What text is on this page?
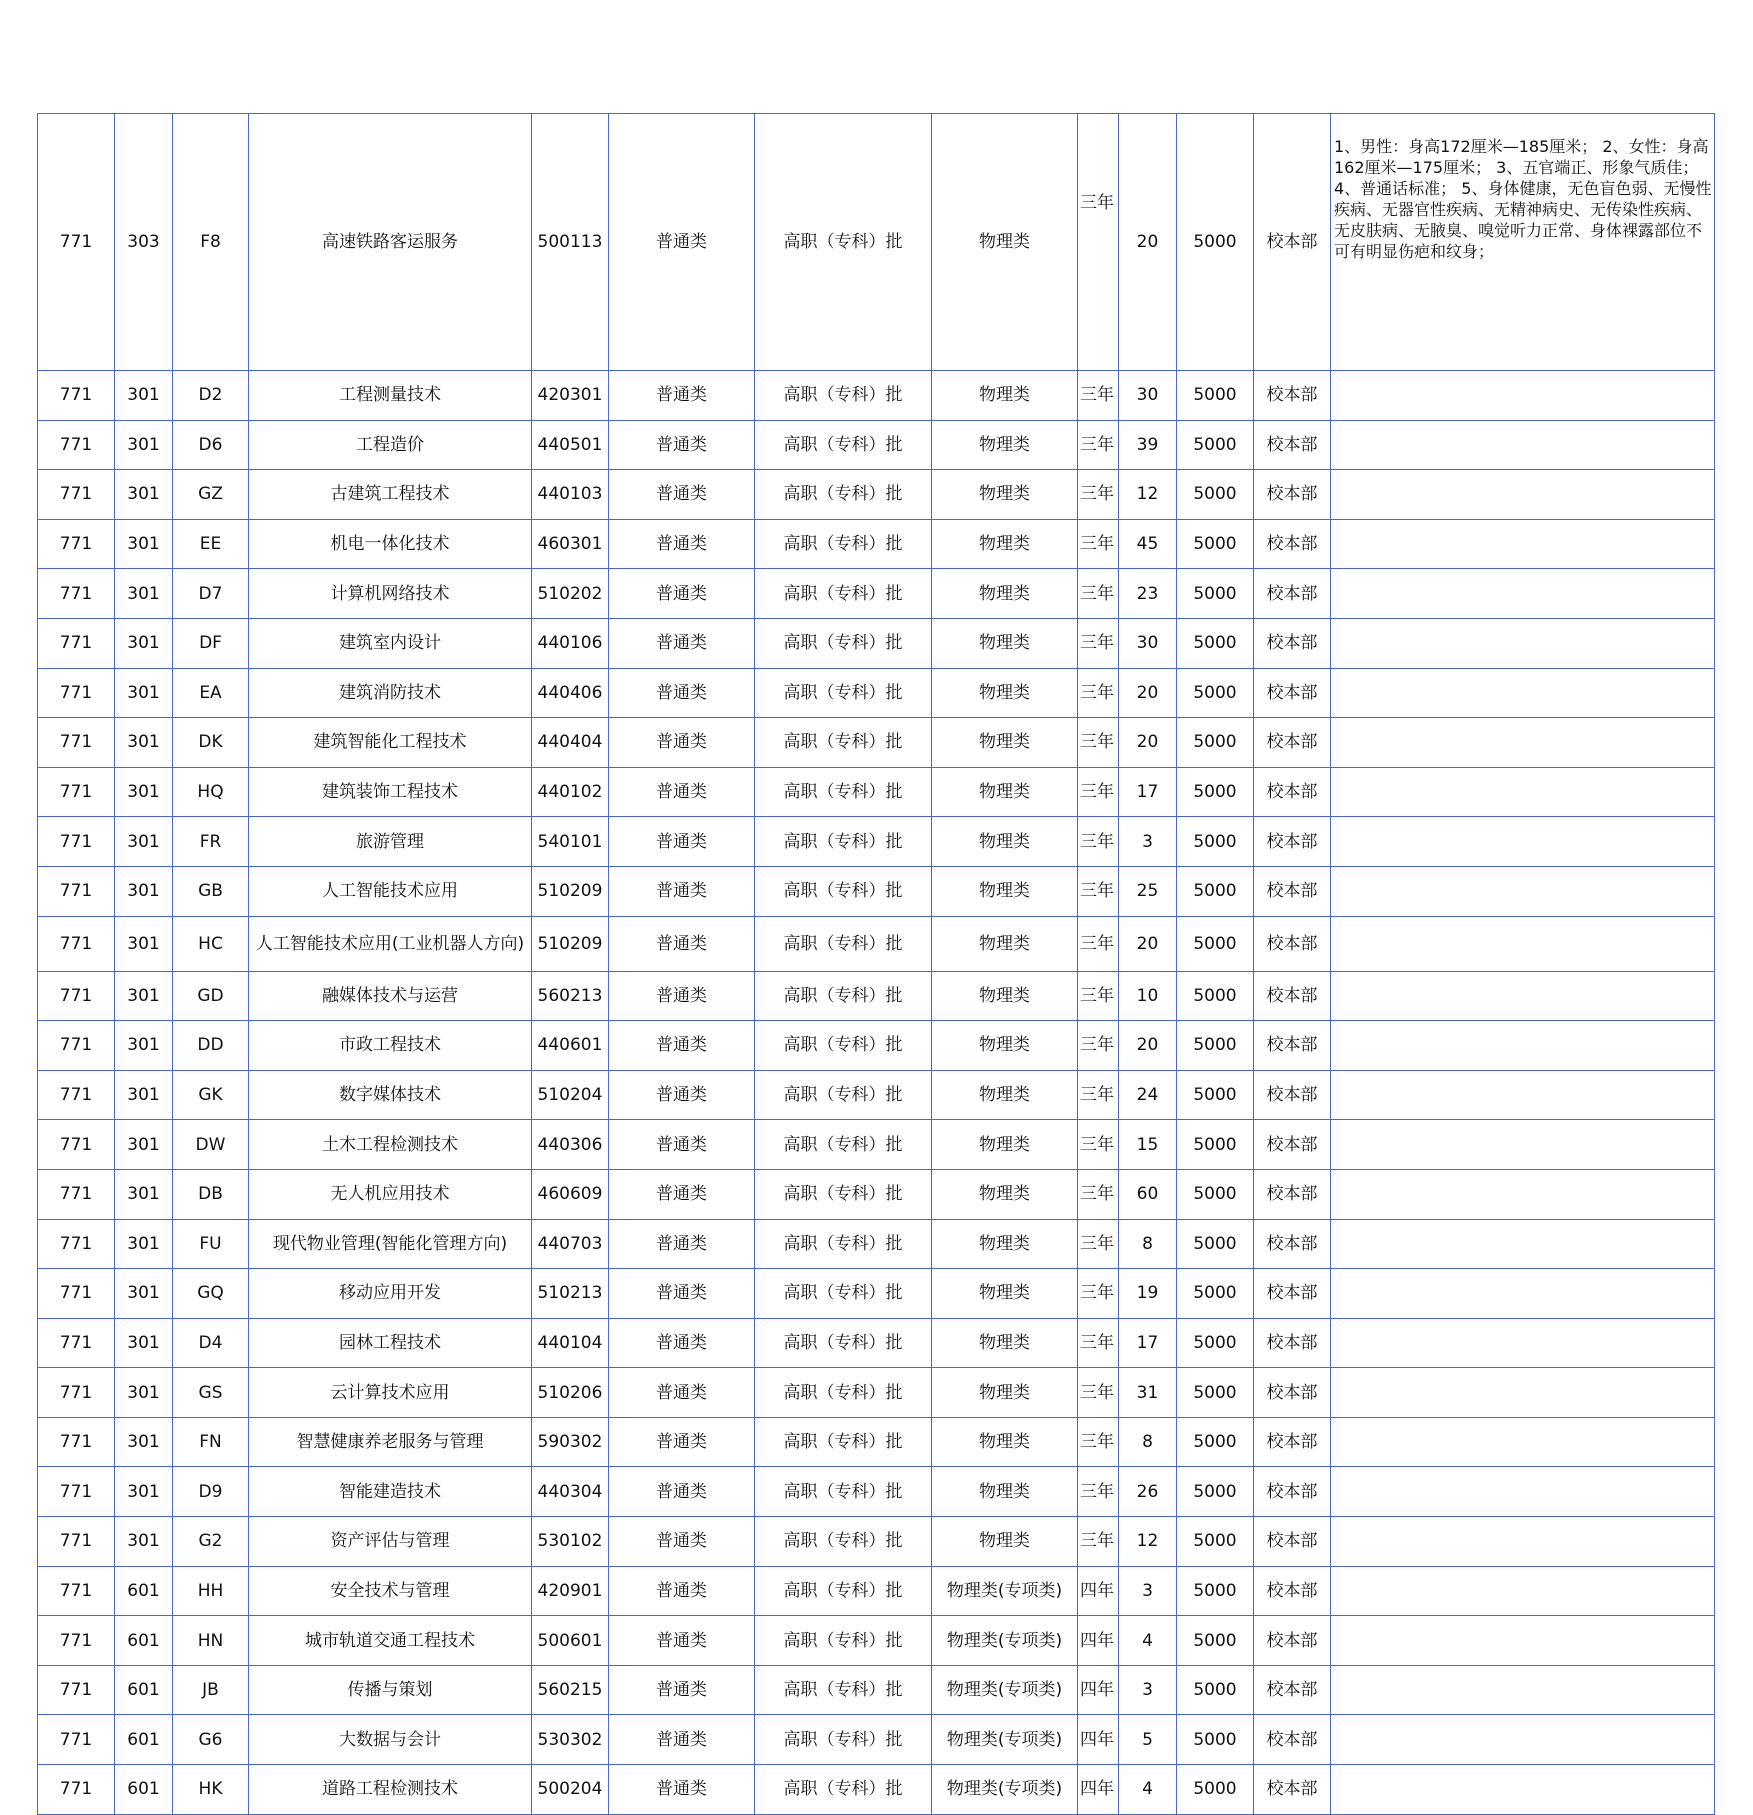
771	303	F8	高速铁路客运服务	500113	普通类	高职（专科）批	物理类	三年	20	5000	校本部	1、男性：身高172厘米—185厘米； 2、女性：身高162厘米—175厘米； 3、五官端正、形象气质佳； 4、普通话标准； 5、身体健康，无色盲色弱、无慢性疾病、无器官性疾病、无精神病史、无传染性疾病、无皮肤病、无腋臭、嗅觉听力正常、身体裸露部位不可有明显伤疤和纹身；
771	301	D2	工程测量技术	420301	普通类	高职（专科）批	物理类	三年	30	5000	校本部	
771	301	D6	工程造价	440501	普通类	高职（专科）批	物理类	三年	39	5000	校本部	
771	301	GZ	古建筑工程技术	440103	普通类	高职（专科）批	物理类	三年	12	5000	校本部	
771	301	EE	机电一体化技术	460301	普通类	高职（专科）批	物理类	三年	45	5000	校本部	
771	301	D7	计算机网络技术	510202	普通类	高职（专科）批	物理类	三年	23	5000	校本部	
771	301	DF	建筑室内设计	440106	普通类	高职（专科）批	物理类	三年	30	5000	校本部	
771	301	EA	建筑消防技术	440406	普通类	高职（专科）批	物理类	三年	20	5000	校本部	
771	301	DK	建筑智能化工程技术	440404	普通类	高职（专科）批	物理类	三年	20	5000	校本部	
771	301	HQ	建筑装饰工程技术	440102	普通类	高职（专科）批	物理类	三年	17	5000	校本部	
771	301	FR	旅游管理	540101	普通类	高职（专科）批	物理类	三年	3	5000	校本部	
771	301	GB	人工智能技术应用	510209	普通类	高职（专科）批	物理类	三年	25	5000	校本部	
771	301	HC	人工智能技术应用(工业机器人方向)	510209	普通类	高职（专科）批	物理类	三年	20	5000	校本部	
771	301	GD	融媒体技术与运营	560213	普通类	高职（专科）批	物理类	三年	10	5000	校本部	
771	301	DD	市政工程技术	440601	普通类	高职（专科）批	物理类	三年	20	5000	校本部	
771	301	GK	数字媒体技术	510204	普通类	高职（专科）批	物理类	三年	24	5000	校本部	
771	301	DW	土木工程检测技术	440306	普通类	高职（专科）批	物理类	三年	15	5000	校本部	
771	301	DB	无人机应用技术	460609	普通类	高职（专科）批	物理类	三年	60	5000	校本部	
771	301	FU	现代物业管理(智能化管理方向)	440703	普通类	高职（专科）批	物理类	三年	8	5000	校本部	
771	301	GQ	移动应用开发	510213	普通类	高职（专科）批	物理类	三年	19	5000	校本部	
771	301	D4	园林工程技术	440104	普通类	高职（专科）批	物理类	三年	17	5000	校本部	
771	301	GS	云计算技术应用	510206	普通类	高职（专科）批	物理类	三年	31	5000	校本部	
771	301	FN	智慧健康养老服务与管理	590302	普通类	高职（专科）批	物理类	三年	8	5000	校本部	
771	301	D9	智能建造技术	440304	普通类	高职（专科）批	物理类	三年	26	5000	校本部	
771	301	G2	资产评估与管理	530102	普通类	高职（专科）批	物理类	三年	12	5000	校本部	
771	601	HH	安全技术与管理	420901	普通类	高职（专科）批	物理类(专项类)	四年	3	5000	校本部	
771	601	HN	城市轨道交通工程技术	500601	普通类	高职（专科）批	物理类(专项类)	四年	4	5000	校本部	
771	601	JB	传播与策划	560215	普通类	高职（专科）批	物理类(专项类)	四年	3	5000	校本部	
771	601	G6	大数据与会计	530302	普通类	高职（专科）批	物理类(专项类)	四年	5	5000	校本部	
771	601	HK	道路工程检测技术	500204	普通类	高职（专科）批	物理类(专项类)	四年	4	5000	校本部	
